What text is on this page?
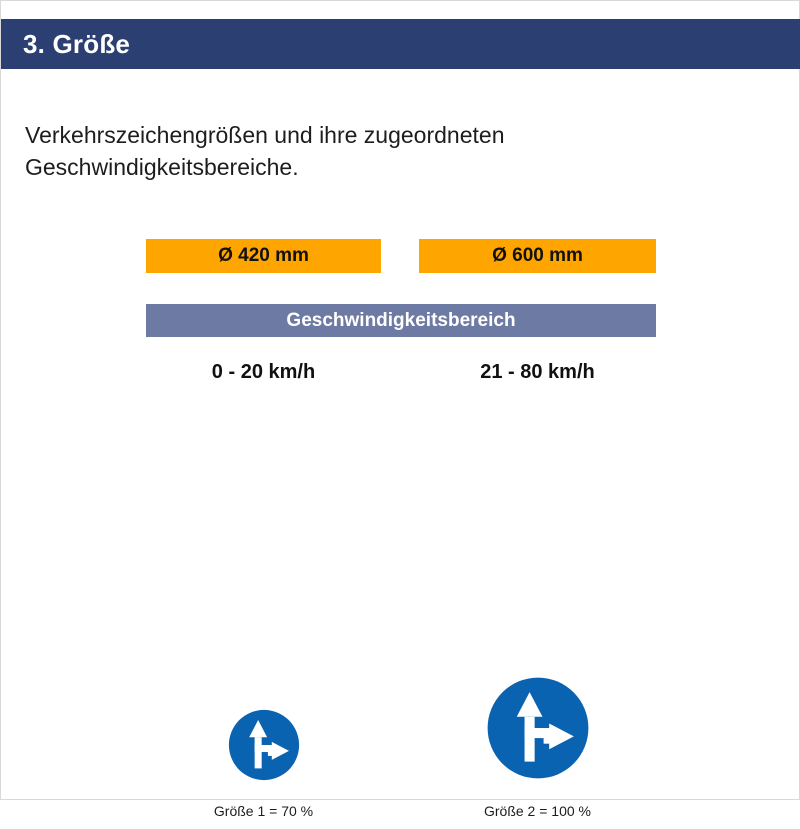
3. Größe
Verkehrszeichengrößen und ihre zugeordneten
Geschwindigkeitsbereiche.
Ø 420 mm	Ø 600 mm
Geschwindigkeitsbereich
0 - 20 km/h	21 - 80 km/h
Größe 1 = 70 %	Größe 2 = 100 %
